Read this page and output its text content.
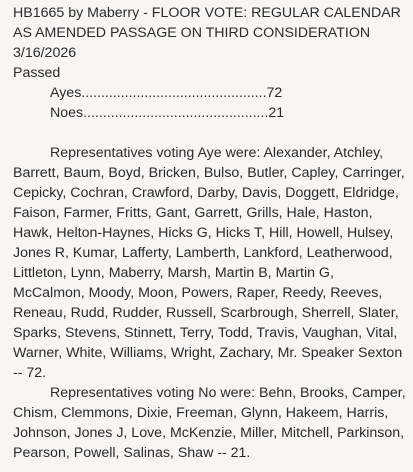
HB1665 by Maberry - FLOOR VOTE: REGULAR CALENDAR
AS AMENDED PASSAGE ON THIRD CONSIDERATION
3/16/2026
Passed
Ayes...............................................72
Noes...............................................21

Representatives voting Aye were: Alexander, Atchley, Barrett, Baum, Boyd, Bricken, Bulso, Butler, Capley, Carringer, Cepicky, Cochran, Crawford, Darby, Davis, Doggett, Eldridge, Faison, Farmer, Fritts, Gant, Garrett, Grills, Hale, Haston, Hawk, Helton-Haynes, Hicks G, Hicks T, Hill, Howell, Hulsey, Jones R, Kumar, Lafferty, Lamberth, Lankford, Leatherwood, Littleton, Lynn, Maberry, Marsh, Martin B, Martin G, McCalmon, Moody, Moon, Powers, Raper, Reedy, Reeves, Reneau, Rudd, Rudder, Russell, Scarbrough, Sherrell, Slater, Sparks, Stevens, Stinnett, Terry, Todd, Travis, Vaughan, Vital, Warner, White, Williams, Wright, Zachary, Mr. Speaker Sexton -- 72.
Representatives voting No were: Behn, Brooks, Camper, Chism, Clemmons, Dixie, Freeman, Glynn, Hakeem, Harris, Johnson, Jones J, Love, McKenzie, Miller, Mitchell, Parkinson, Pearson, Powell, Salinas, Shaw -- 21.
